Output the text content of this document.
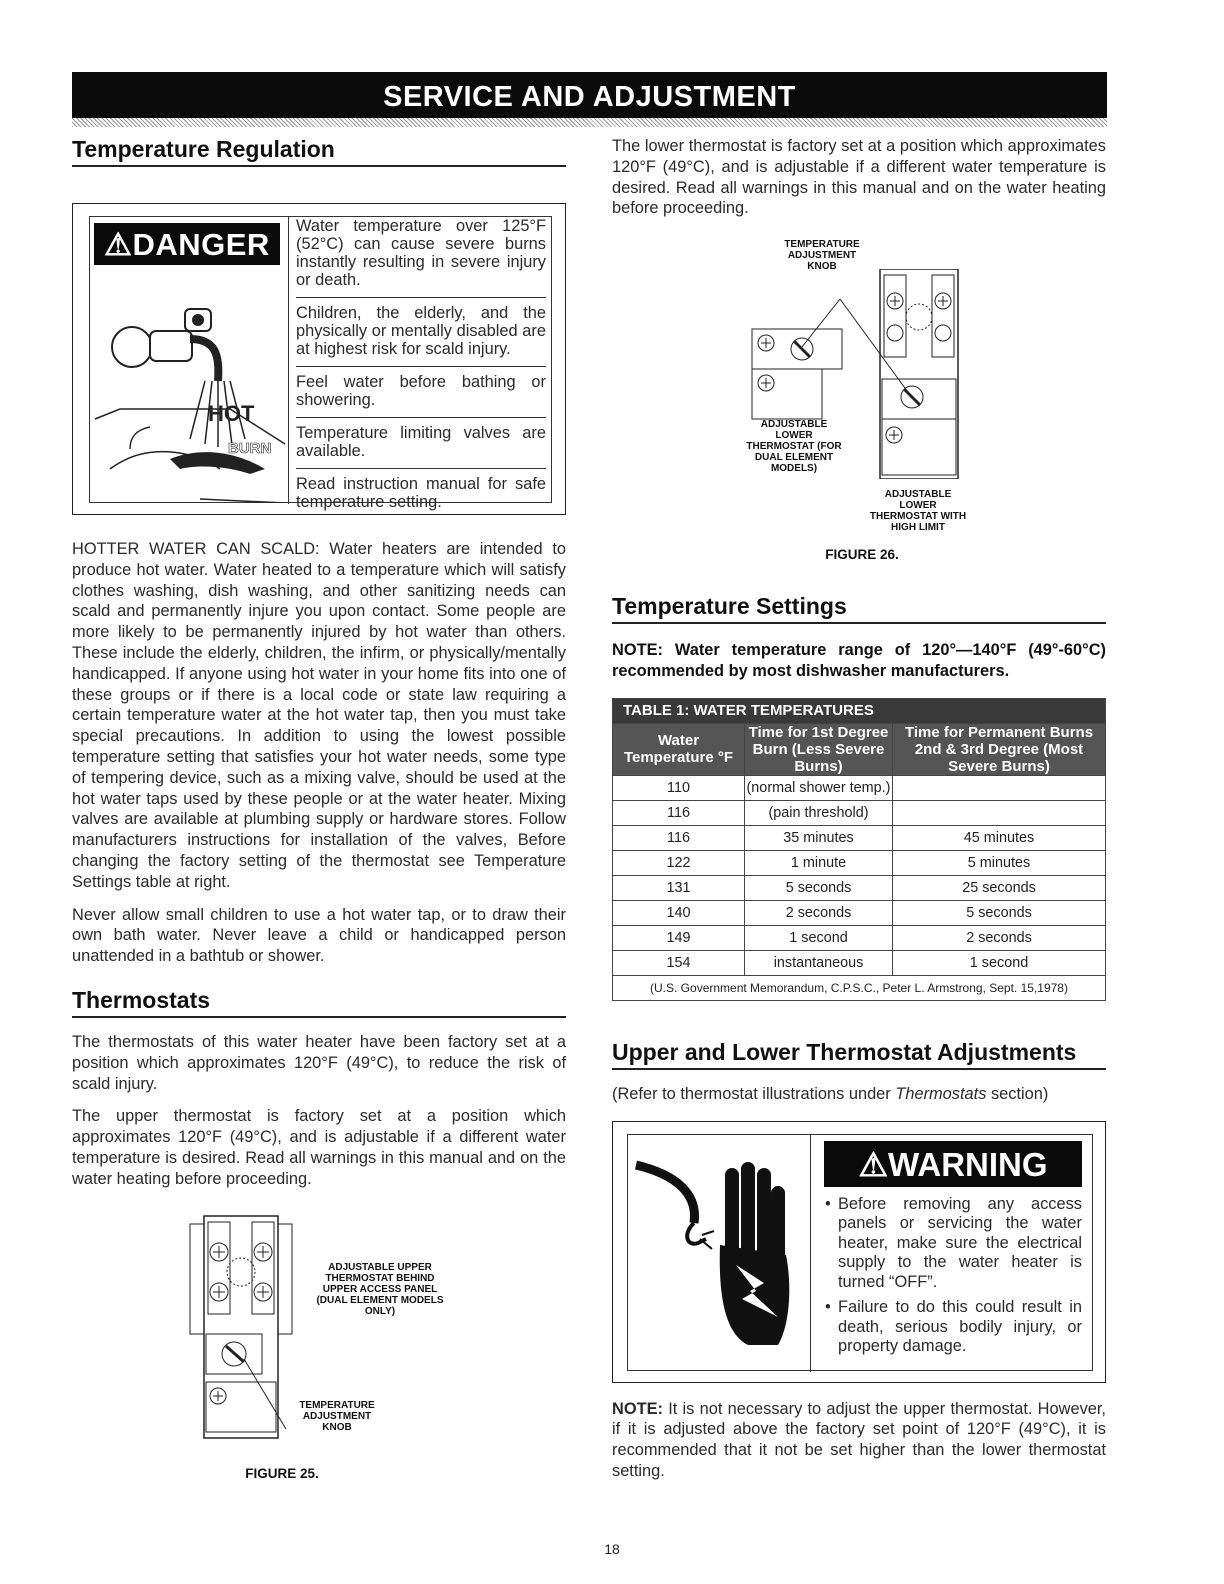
SERVICE AND ADJUSTMENT
Temperature Regulation
⚠DANGER
HOT
BURN

Water temperature over 125°F (52°C) can cause severe burns instantly resulting in severe injury or death.

Children, the elderly, and the physically or mentally disabled are at highest risk for scald injury.

Feel water before bathing or showering.

Temperature limiting valves are available.

Read instruction manual for safe temperature setting.

HOTTER WATER CAN SCALD: Water heaters are intended to produce hot water. Water heated to a temperature which will satisfy clothes washing, dish washing, and other sanitizing needs can scald and permanently injure you upon contact. Some people are more likely to be permanently injured by hot water than others. These include the elderly, children, the infirm, or physically/mentally handicapped. If anyone using hot water in your home fits into one of these groups or if there is a local code or state law requiring a certain temperature water at the hot water tap, then you must take special precautions. In addition to using the lowest possible temperature setting that satisfies your hot water needs, some type of tempering device, such as a mixing valve, should be used at the hot water taps used by these people or at the water heater. Mixing valves are available at plumbing supply or hardware stores. Follow manufacturers instructions for installation of the valves, Before changing the factory setting of the thermostat see Temperature Settings table at right.

Never allow small children to use a hot water tap, or to draw their own bath water. Never leave a child or handicapped person unattended in a bathtub or shower.

Thermostats

The thermostats of this water heater have been factory set at a position which approximates 120°F (49°C), to reduce the risk of scald injury.

The upper thermostat is factory set at a position which approximates 120°F (49°C), and is adjustable if a different water temperature is desired. Read all warnings in this manual and on the water heating before proceeding.

ADJUSTABLE UPPER THERMOSTAT BEHIND UPPER ACCESS PANEL (DUAL ELEMENT MODELS ONLY)
TEMPERATURE ADJUSTMENT KNOB
FIGURE 25.

The lower thermostat is factory set at a position which approximates 120°F (49°C), and is adjustable if a different water temperature is desired. Read all warnings in this manual and on the water heating before proceeding.

TEMPERATURE ADJUSTMENT KNOB
ADJUSTABLE LOWER THERMOSTAT (FOR DUAL ELEMENT MODELS)
ADJUSTABLE LOWER THERMOSTAT WITH HIGH LIMIT
FIGURE 26.
Temperature Settings

NOTE: Water temperature range of 120°—140°F (49°-60°C) recommended by most dishwasher manufacturers.

TABLE 1: WATER TEMPERATURES		
Water Temperature °F	Time for 1st Degree Burn (Less Severe Burns)	Time for Permanent Burns 2nd & 3rd Degree (Most Severe Burns)
110	(normal shower temp.)	
116	(pain threshold)	
116	35 minutes	45 minutes
122	1 minute	5 minutes
131	5 seconds	25 seconds
140	2 seconds	5 seconds
149	1 second	2 seconds
154	instantaneous	1 second
(U.S. Government Memorandum, C.P.S.C., Peter L. Armstrong, Sept. 15,1978)		
Upper and Lower Thermostat Adjustments

(Refer to thermostat illustrations under Thermostats section)

⚠WARNING
• Before removing any access panels or servicing the water heater, make sure the electrical supply to the water heater is turned “OFF”.
• Failure to do this could result in death, serious bodily injury, or property damage.

NOTE: It is not necessary to adjust the upper thermostat. However, if it is adjusted above the factory set point of 120°F (49°C), it is recommended that it not be set higher than the lower thermostat setting.

18
